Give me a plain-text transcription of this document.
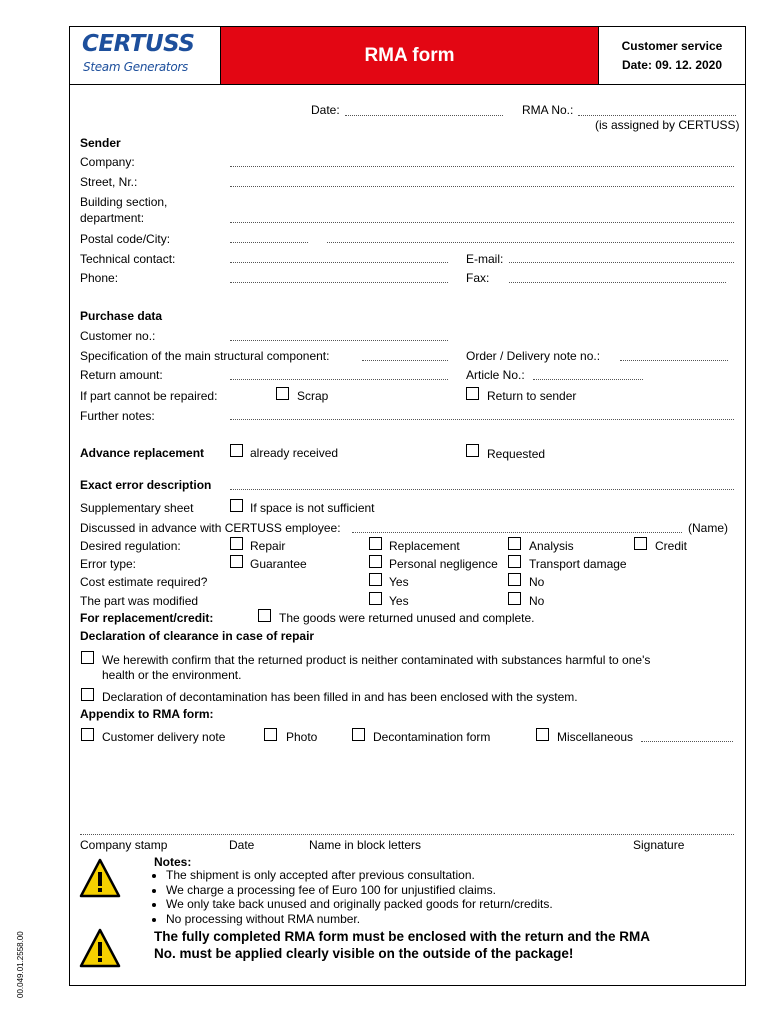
CERTUSS
Steam Generators
RMA form	Customer service
Date: 09. 12. 2020
Date:	RMA No.:
(is assigned by CERTUSS)
Sender
Company:
Street, Nr.:
Building section,
department:
Postal code/City:
Technical contact:	E-mail:
Phone:	Fax:
Purchase data
Customer no.:
Specification of the main structural component:	Order / Delivery note no.:
Return amount:	Article No.:
If part cannot be repaired:	Scrap	Return to sender
Further notes:
Advance replacement	already received	Requested
Exact error description
Supplementary sheet	If space is not sufficient
Discussed in advance with CERTUSS employee:	(Name)
Desired regulation:	Repair	Replacement	Analysis	Credit
Error type:	Guarantee	Personal negligence	Transport damage
Cost estimate required?	Yes	No
The part was modified	Yes	No
For replacement/credit:	The goods were returned unused and complete.
Declaration of clearance in case of repair
We herewith confirm that the returned product is neither contaminated with substances harmful to one's
health or the environment.
Declaration of decontamination has been filled in and has been enclosed with the system.
Appendix to RMA form:
Customer delivery note	Photo	Decontamination form	Miscellaneous
Company stamp	Date	Name in block letters	Signature
Notes:
• The shipment is only accepted after previous consultation.
• We charge a processing fee of Euro 100 for unjustified claims.
• We only take back unused and originally packed goods for return/credits.
• No processing without RMA number.
The fully completed RMA form must be enclosed with the return and the RMA
No. must be applied clearly visible on the outside of the package!
00.049.01.2558.00
